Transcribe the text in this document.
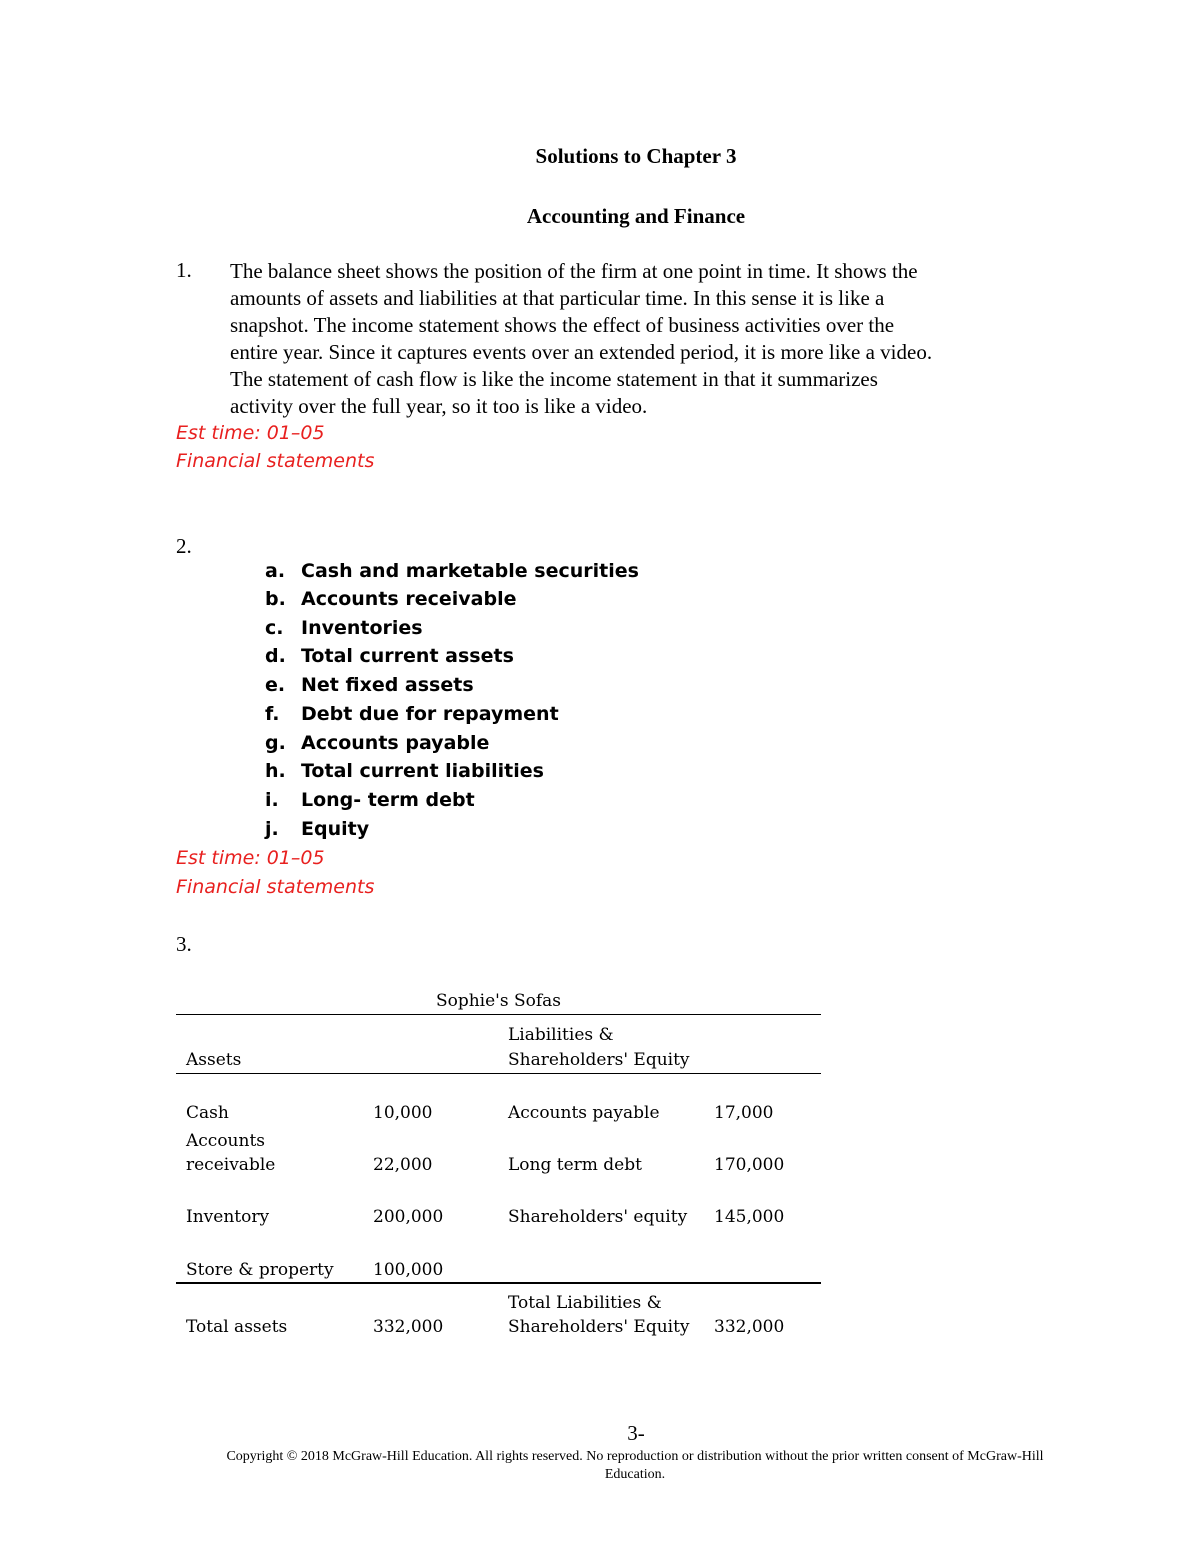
Solutions to Chapter 3
Accounting and Finance
1. The balance sheet shows the position of the firm at one point in time. It shows the
amounts of assets and liabilities at that particular time. In this sense it is like a
snapshot. The income statement shows the effect of business activities over the
entire year. Since it captures events over an extended period, it is more like a video.
The statement of cash flow is like the income statement in that it summarizes
activity over the full year, so it too is like a video.
Est time: 01–05
Financial statements
2.
a. Cash and marketable securities
b. Accounts receivable
c. Inventories
d. Total current assets
e. Net fixed assets
f. Debt due for repayment
g. Accounts payable
h. Total current liabilities
i. Long- term debt
j. Equity
Est time: 01–05
Financial statements
3.
Sophie's Sofas
Liabilities &
Assets	Shareholders' Equity
Cash	10,000	Accounts payable	17,000
Accounts
receivable	22,000	Long term debt	170,000
Inventory	200,000	Shareholders' equity 145,000
Store & property 100,000
Total Liabilities &
Total assets	332,000	Shareholders' Equity 332,000
3-
Copyright © 2018 McGraw-Hill Education. All rights reserved. No reproduction or distribution without the prior written consent of McGraw-Hill
Education.
